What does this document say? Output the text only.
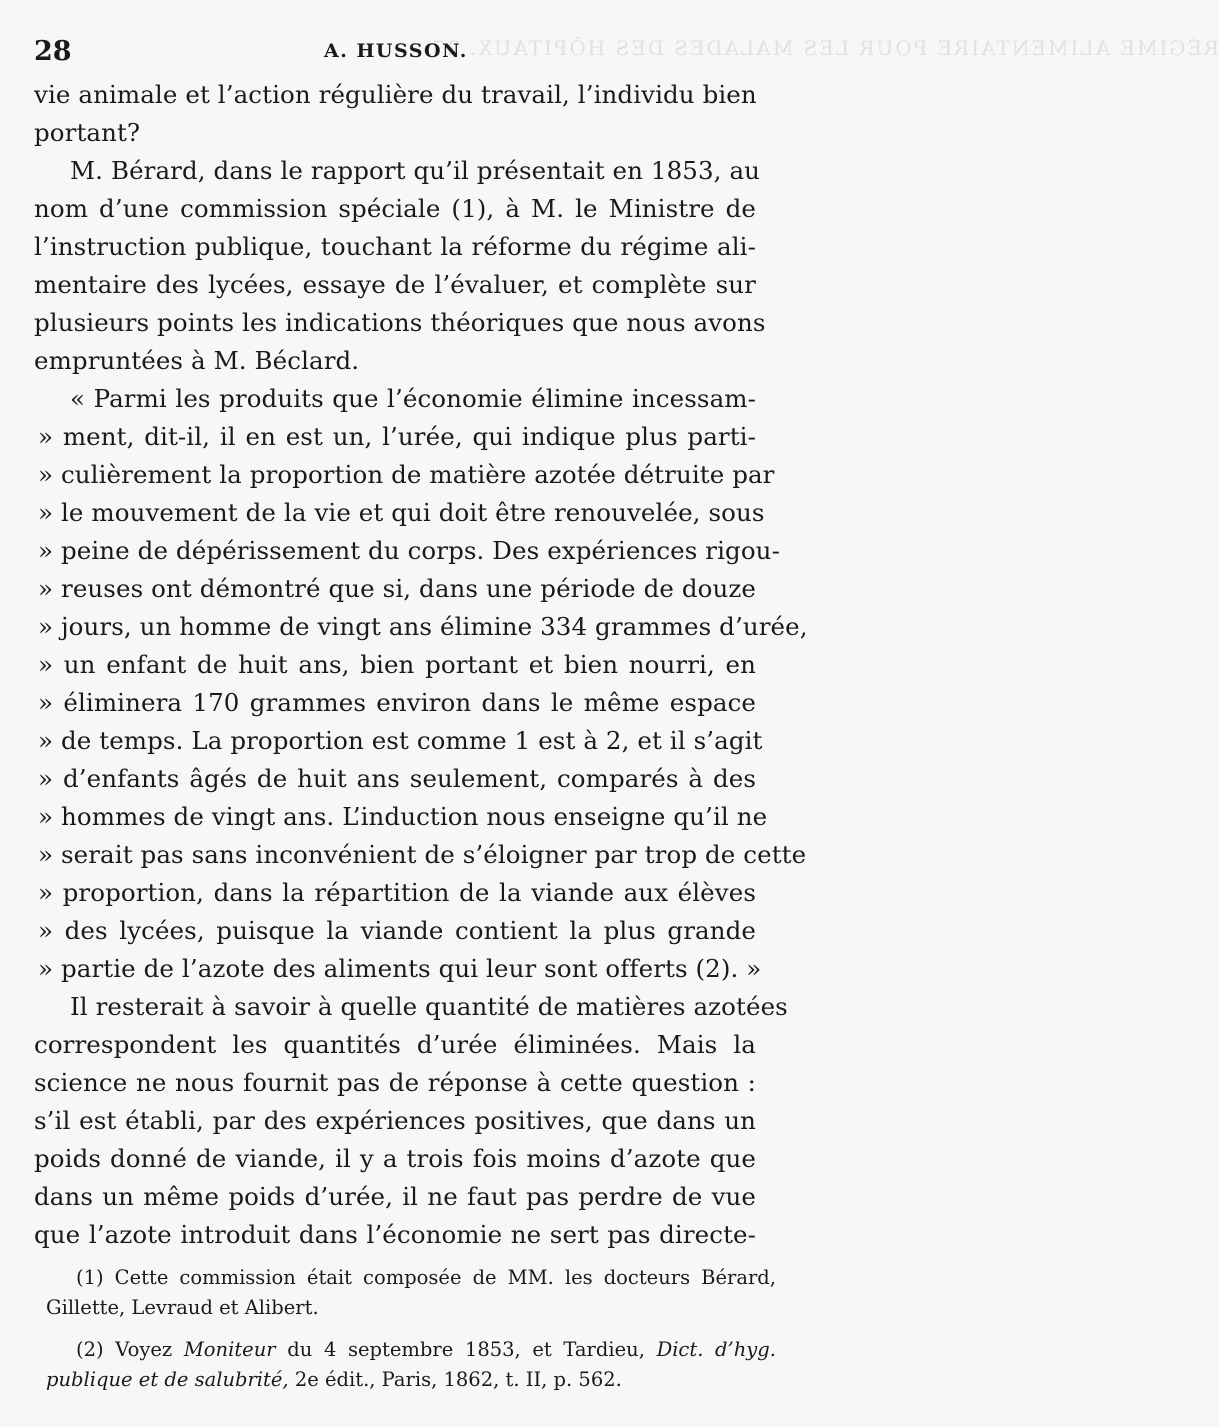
RÉGIME ALIMENTAIRE POUR LES MALADES DES HÔPITAUX. 27
28	A. HUSSON.
vie animale et l’action régulière du travail, l’individu bien
portant?
M. Bérard, dans le rapport qu’il présentait en 1853, au
nom d’une commission spéciale (1), à M. le Ministre de
l’instruction publique, touchant la réforme du régime ali-
mentaire des lycées, essaye de l’évaluer, et complète sur
plusieurs points les indications théoriques que nous avons
empruntées à M. Béclard.
« Parmi les produits que l’économie élimine incessam-
» ment, dit-il, il en est un, l’urée, qui indique plus parti-
» culièrement la proportion de matière azotée détruite par
» le mouvement de la vie et qui doit être renouvelée, sous
» peine de dépérissement du corps. Des expériences rigou-
» reuses ont démontré que si, dans une période de douze
» jours, un homme de vingt ans élimine 334 grammes d’urée,
» un enfant de huit ans, bien portant et bien nourri, en
» éliminera 170 grammes environ dans le même espace
» de temps. La proportion est comme 1 est à 2, et il s’agit
» d’enfants âgés de huit ans seulement, comparés à des
» hommes de vingt ans. L’induction nous enseigne qu’il ne
» serait pas sans inconvénient de s’éloigner par trop de cette
» proportion, dans la répartition de la viande aux élèves
» des lycées, puisque la viande contient la plus grande
» partie de l’azote des aliments qui leur sont offerts (2). »
Il resterait à savoir à quelle quantité de matières azotées
correspondent les quantités d’urée éliminées. Mais la
science ne nous fournit pas de réponse à cette question :
s’il est établi, par des expériences positives, que dans un
poids donné de viande, il y a trois fois moins d’azote que
dans un même poids d’urée, il ne faut pas perdre de vue
que l’azote introduit dans l’économie ne sert pas directe-
(1) Cette commission était composée de MM. les docteurs Bérard,
Gillette, Levraud et Alibert.
(2) Voyez Moniteur du 4 septembre 1853, et Tardieu, Dict. d’hyg.
publique et de salubrité, 2e édit., Paris, 1862, t. II, p. 562.
